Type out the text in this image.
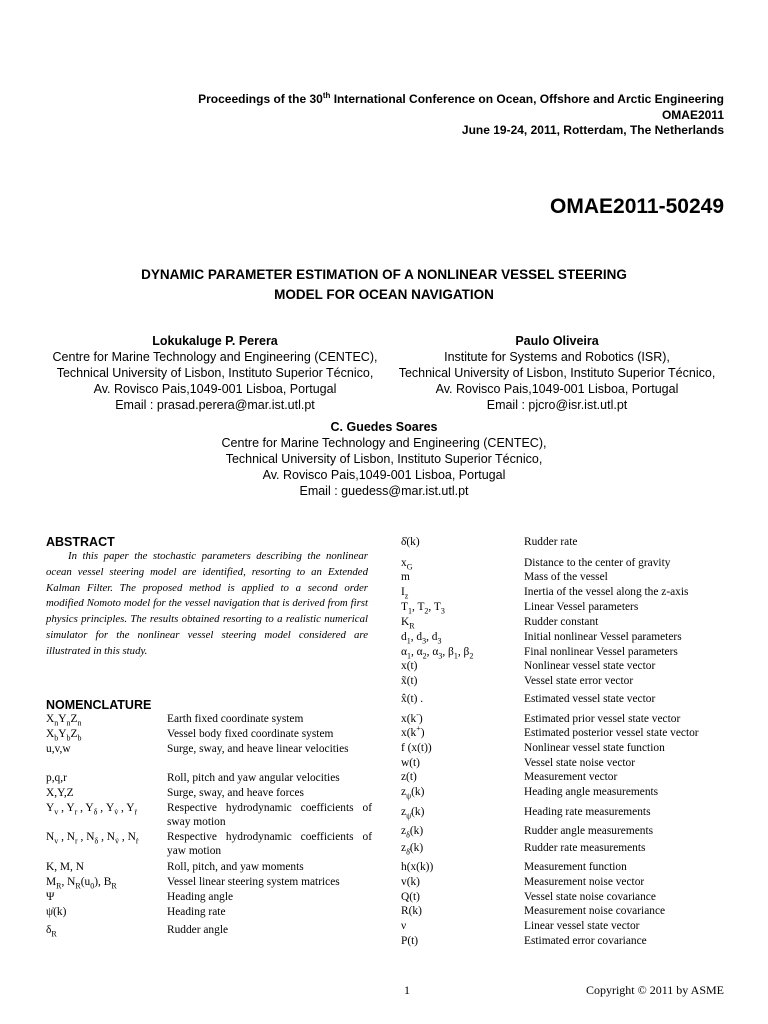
Proceedings of the 30th International Conference on Ocean, Offshore and Arctic Engineering
OMAE2011
June 19-24, 2011, Rotterdam, The Netherlands
OMAE2011-50249
DYNAMIC PARAMETER ESTIMATION OF A NONLINEAR VESSEL STEERING
MODEL FOR OCEAN NAVIGATION
Lokukaluge P. Perera
Centre for Marine Technology and Engineering (CENTEC),
Technical University of Lisbon, Instituto Superior Técnico,
Av. Rovisco Pais,1049-001 Lisboa, Portugal
Email : prasad.perera@mar.ist.utl.pt
Paulo Oliveira
Institute for Systems and Robotics (ISR),
Technical University of Lisbon, Instituto Superior Técnico,
Av. Rovisco Pais,1049-001 Lisboa, Portugal
Email : pjcro@isr.ist.utl.pt
C. Guedes Soares
Centre for Marine Technology and Engineering (CENTEC),
Technical University of Lisbon, Instituto Superior Técnico,
Av. Rovisco Pais,1049-001 Lisboa, Portugal
Email : guedess@mar.ist.utl.pt
ABSTRACT
In this paper the stochastic parameters describing the nonlinear ocean vessel steering model are identified, resorting to an Extended Kalman Filter. The proposed method is applied to a second order modified Nomoto model for the vessel navigation that is derived from first physics principles. The results obtained resorting to a realistic numerical simulator for the nonlinear vessel steering model considered are illustrated in this study.
NOMENCLATURE
$X_nY_nZ_n$	Earth fixed coordinate system
$X_bY_bZ_b$	Vessel body fixed coordinate system
u,v,w	Surge, sway, and heave linear velocities
p,q,r	Roll, pitch and yaw angular velocities
X,Y,Z	Surge, sway, and heave forces
$Y_v$ , $Y_r$ , $Y_\delta$ , $Y_{v̇}$ , $Y_ṙ$	Respective hydrodynamic coefficients of sway motion
$N_v$ , $N_r$ , $N_\delta$ , $N_{v̇}$ , $N_ṙ$	Respective hydrodynamic coefficients of yaw motion
K, M, N	Roll, pitch, and yaw moments
$M_R$, $N_R(u_0)$, $B_R$	Vessel linear steering system matrices
Ψ	Heading angle
ψ̇(k)	Heading rate
$\delta_R$	Rudder angle
δ̇(k)	Rudder rate
$x_G$	Distance to the center of gravity
m	Mass of the vessel
$I_z$	Inertia of the vessel along the z-axis
$T_1$, $T_2$, $T_3$	Linear Vessel parameters
$K_R$	Rudder constant
$d_1$, $d_3$, $d_3$	Initial nonlinear Vessel parameters
$\alpha_1$, $\alpha_2$, $\alpha_3$, $\beta_1$, $\beta_2$	Final nonlinear Vessel parameters
x(t)	Nonlinear vessel state vector
x̃(t)	Vessel state error vector
x̂(t) .	Estimated vessel state vector
x(k-)	Estimated prior vessel state vector
x(k+)	Estimated posterior vessel state vector
f (x(t))	Nonlinear vessel state function
w(t)	Vessel state noise vector
z(t)	Measurement vector
$z_\psi(k)$	Heading angle measurements
$z_{\psi̇}(k)$	Heading rate measurements
$z_\delta(k)$	Rudder angle measurements
$z_{\deltȧ}(k)$	Rudder rate measurements
h(x(k))	Measurement function
v(k)	Measurement noise vector
Q(t)	Vessel state noise covariance
R(k)	Measurement noise covariance
ν	Linear vessel state vector
P(t)	Estimated error covariance
1	Copyright © 2011 by ASME
